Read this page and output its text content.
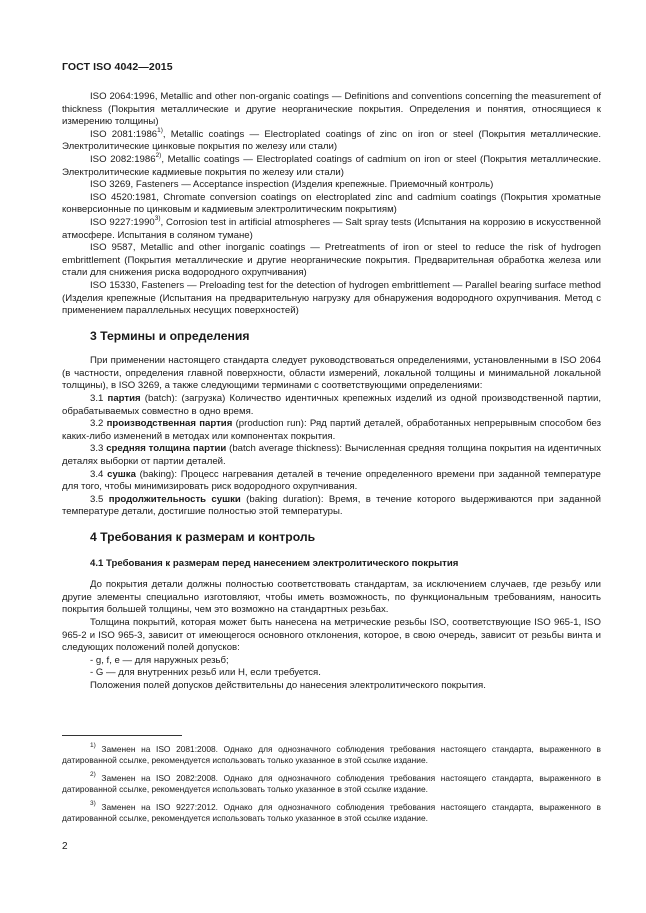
ГОСТ ISO 4042—2015

ISO 2064:1996, Metallic and other non-organic coatings — Definitions and conventions concerning the measurement of thickness (Покрытия металлические и другие неорганические покрытия. Определения и понятия, относящиеся к измерению толщины)

ISO 2081:1986$^{1)}$, Metallic coatings — Electroplated coatings of zinc on iron or steel (Покрытия металлические. Электролитические цинковые покрытия по железу или стали)

ISO 2082:1986$^{2)}$, Metallic coatings — Electroplated coatings of cadmium on iron or steel (Покрытия металлические. Электролитические кадмиевые покрытия по железу или стали)

ISO 3269, Fasteners — Acceptance inspection (Изделия крепежные. Приемочный контроль)

ISO 4520:1981, Chromate conversion coatings on electroplated zinc and cadmium coatings (Покрытия хроматные конверсионные по цинковым и кадмиевым электролитическим покрытиям)

ISO 9227:1990$^{3)}$, Corrosion test in artificial atmospheres — Salt spray tests (Испытания на коррозию в искусственной атмосфере. Испытания в соляном тумане)

ISO 9587, Metallic and other inorganic coatings — Pretreatments of iron or steel to reduce the risk of hydrogen embrittlement (Покрытия металлические и другие неорганические покрытия. Предварительная обработка железа или стали для снижения риска водородного охрупчивания)

ISO 15330, Fasteners — Preloading test for the detection of hydrogen embrittlement — Parallel bearing surface method (Изделия крепежные (Испытания на предварительную нагрузку для обнаружения водородного охрупчивания. Метод с применением параллельных несущих поверхностей)

3 Термины и определения

При применении настоящего стандарта следует руководствоваться определениями, установленными в ISO 2064 (в частности, определения главной поверхности, области измерений, локальной толщины и минимальной локальной толщины), в ISO 3269, а также следующими терминами с соответствующими определениями:

3.1 партия (batch): (загрузка) Количество идентичных крепежных изделий из одной производственной партии, обрабатываемых совместно в одно время.

3.2 производственная партия (production run): Ряд партий деталей, обработанных непрерывным способом без каких-либо изменений в методах или компонентах покрытия.

3.3 средняя толщина партии (batch average thickness): Вычисленная средняя толщина покрытия на идентичных деталях выборки от партии деталей.

3.4 сушка (baking): Процесс нагревания деталей в течение определенного времени при заданной температуре для того, чтобы минимизировать риск водородного охрупчивания.

3.5 продолжительность сушки (baking duration): Время, в течение которого выдерживаются при заданной температуре детали, достигшие полностью этой температуры.

4 Требования к размерам и контроль
4.1 Требования к размерам перед нанесением электролитического покрытия

До покрытия детали должны полностью соответствовать стандартам, за исключением случаев, где резьбу или другие элементы специально изготовляют, чтобы иметь возможность, по функциональным требованиям, наносить покрытия большей толщины, чем это возможно на стандартных резьбах.

Толщина покрытий, которая может быть нанесена на метрические резьбы ISO, соответствующие ISO 965-1, ISO 965-2 и ISO 965-3, зависит от имеющегося основного отклонения, которое, в свою очередь, зависит от резьбы винта и следующих положений полей допусков:

- g, f, е — для наружных резьб;

- G — для внутренних резьб или Н, если требуется.

Положения полей допусков действительны до нанесения электролитического покрытия.

$^{1)}$ Заменен на ISO 2081:2008. Однако для однозначного соблюдения требования настоящего стандарта, выраженного в датированной ссылке, рекомендуется использовать только указанное в этой ссылке издание.

$^{2)}$ Заменен на ISO 2082:2008. Однако для однозначного соблюдения требования настоящего стандарта, выраженного в датированной ссылке, рекомендуется использовать только указанное в этой ссылке издание.

$^{3)}$ Заменен на ISO 9227:2012. Однако для однозначного соблюдения требования настоящего стандарта, выраженного в датированной ссылке, рекомендуется использовать только указанное в этой ссылке издание.

2
